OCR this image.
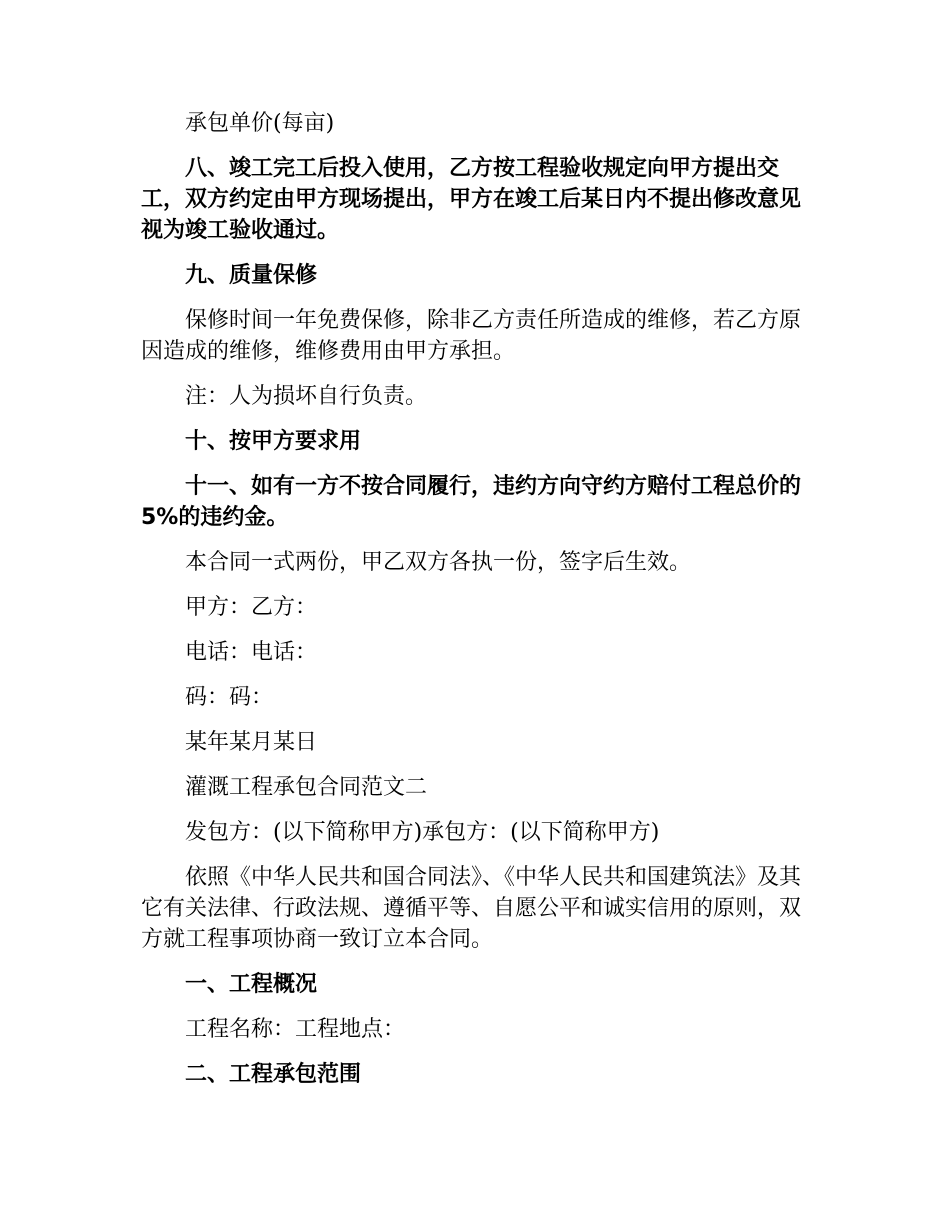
承包单价(每亩)

八、竣工完工后投入使用，乙方按工程验收规定向甲方提出交工，双方约定由甲方现场提出，甲方在竣工后某日内不提出修改意见视为竣工验收通过。

九、质量保修

保修时间一年免费保修，除非乙方责任所造成的维修，若乙方原因造成的维修，维修费用由甲方承担。

注：人为损坏自行负责。

十、按甲方要求用

十一、如有一方不按合同履行，违约方向守约方赔付工程总价的 5%的违约金。

本合同一式两份，甲乙双方各执一份，签字后生效。

甲方：乙方：

电话：电话：

码：码：

某年某月某日

灌溉工程承包合同范文二

发包方：(以下简称甲方)承包方：(以下简称甲方)

依照《中华人民共和国合同法》、《中华人民共和国建筑法》及其它有关法律、行政法规、遵循平等、自愿公平和诚实信用的原则，双方就工程事项协商一致订立本合同。

一、工程概况

工程名称：工程地点：

二、工程承包范围
